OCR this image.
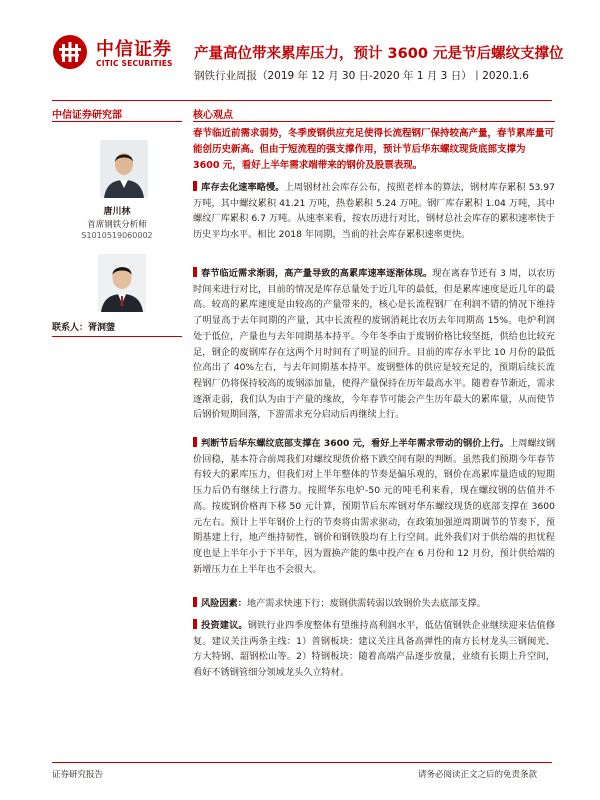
中信证券
CITIC SECURITIES
产量高位带来累库压力，预计 3600 元是节后螺纹支撑位
钢铁行业周报（2019 年 12 月 30 日-2020 年 1 月 3 日）丨2020.1.6
中信证券研究部
唐川林
首席钢铁分析师
S1010519060002
联系人：胥洞蓥
核心观点
春节临近前需求弱势，冬季废钢供应充足使得长流程钢厂保持较高产量，春节累库量可能创历史新高。但由于短流程的强支撑作用，预计节后华东螺纹现货底部支撑为 3600 元，看好上半年需求端带来的钢价及股票表现。
库存去化速率略慢。上周钢材社会库存公布，按照老样本的算法，钢材库存累积 53.97 万吨，其中螺纹累积 41.21 万吨，热卷累积 5.24 万吨。钢厂库存累积 1.04 万吨，其中螺纹厂库累积 6.7 万吨。从速率来看，按农历进行对比，钢材总社会库存的累积速率快于历史平均水平。相比 2018 年同期，当前的社会库存累积速率更快。
春节临近需求渐弱，高产量导致的高累库速率逐渐体现。现在离春节还有 3 周，以农历时间来进行对比，目前的情况是库存总量处于近几年的最低，但是累库速度是近几年的最高。较高的累库速度是由较高的产量带来的，核心是长流程钢厂在利润不错的情况下维持了明显高于去年同期的产量，其中长流程的废钢消耗比农历去年同期高 15%。电炉利润处于低位，产量也与去年同期基本持平。今年冬季由于废钢价格比较坚挺，供给也比较充足，钢企的废钢库存在这两个月时间有了明显的回升。目前的库存水平比 10 月份的最低位高出了 40%左右，与去年同期基本持平。废钢整体的供应是较充足的，预期后续长流程钢厂仍将保持较高的废钢添加量，使得产量保持在历年最高水平。随着春节渐近，需求逐渐走弱，我们认为由于产量的缘故，今年春节可能会产生历年最大的累库量，从而使节后钢价短期回落，下游需求充分启动后再继续上行。
判断节后华东螺纹底部支撑在 3600 元，看好上半年需求带动的钢价上行。上周螺纹钢价回稳，基本符合前周我们对螺纹现货价格下跌空间有限的判断。虽然我们预期今年春节有较大的累库压力，但我们对上半年整体的节奏是偏乐观的，钢价在高累库量造成的短期压力后仍有继续上行潜力。按照华东电炉-50 元的吨毛利来看，现在螺纹钢的估值并不高。按废钢价格再下移 50 元计算，预期节后东库钢对华东螺纹现货的底部支撑在 3600 元左右。预计上半年钢价上行的节奏将由需求驱动，在政策加强逆周期调节的节奏下，预期基建上行，地产维持韧性，钢价和钢铁股均有上行空间。此外我们对于供给端的担忧程度也是上半年小于下半年，因为置换产能的集中投产在 6 月份和 12 月份，预计供给端的新增压力在上半年也不会很大。
风险因素：地产需求快速下行；废钢供需转弱以致钢价失去底部支撑。
投资建议。钢铁行业四季度整体有望维持高利润水平，低估值钢铁企业继续迎来估值修复。建议关注两条主线：1）普钢板块：建议关注具备高弹性的南方长材龙头三钢闽光、方大特钢、韶钢松山等。2）特钢板块：随着高端产品逐步放量，业绩有长期上升空间，看好不锈钢管细分领域龙头久立特材。
证券研究报告	请务必阅读正文之后的免责条款
